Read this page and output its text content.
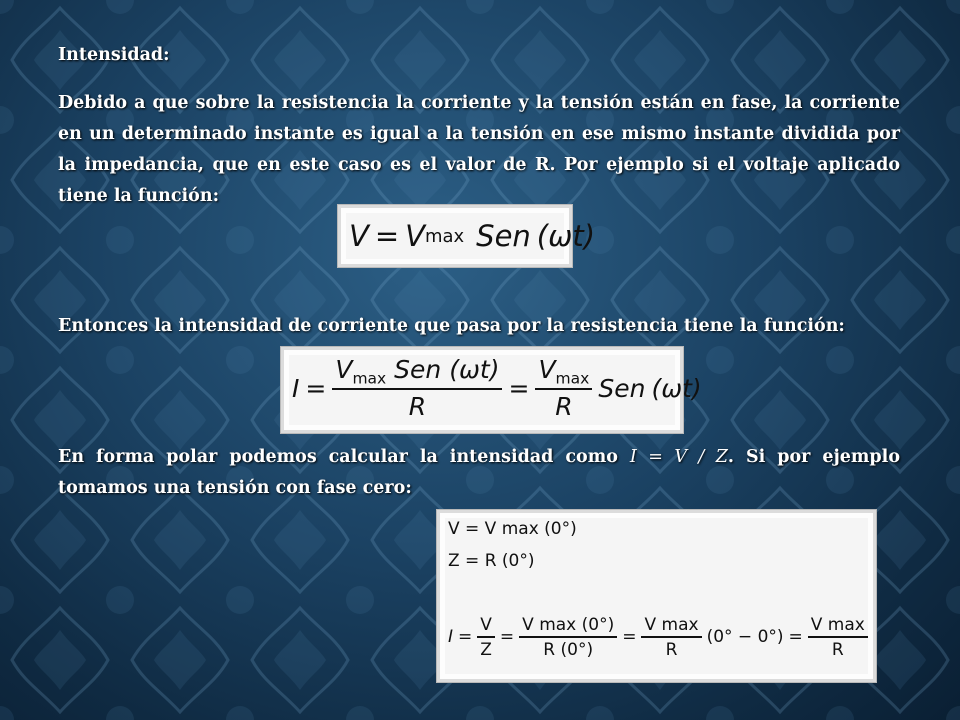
Intensidad:
Debido a que sobre la resistencia la corriente y la tensión están en fase, la corriente en un determinado instante es igual a la tensión en ese mismo instante dividida por la impedancia, que en este caso es el valor de R. Por ejemplo si el voltaje aplicado tiene la función:
V = V max Sen (ωt)
Entonces la intensidad de corriente que pasa por la resistencia tiene la función:
$I = \frac{V_{max} Sen (\omega t)}{R} = \frac{V_{max}}{R}$ Sen (ωt)
En forma polar podemos calcular la intensidad como I = V / Z. Si por ejemplo tomamos una tensión con fase cero:
V = V max (0°)
Z = R (0°)
$I = \frac{V}{Z} = \frac{\text{V max (0°)}}{R (0^\circ)} = \frac{\text{V max}}{R} (0^\circ - 0^\circ) = \frac{\text{V max}}{R}$
